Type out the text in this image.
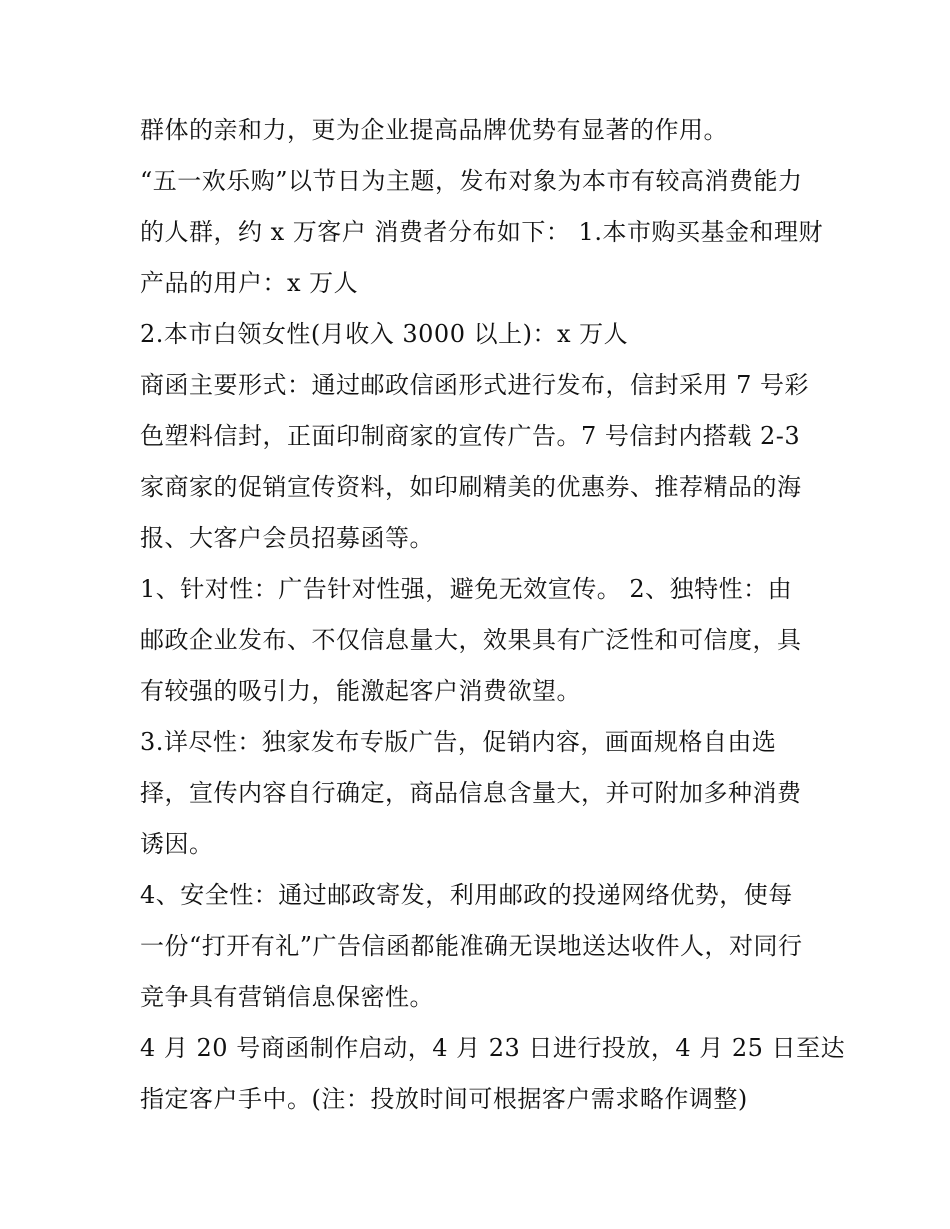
群体的亲和力，更为企业提高品牌优势有显著的作用。
“五一欢乐购”以节日为主题，发布对象为本市有较高消费能力
的人群，约 x 万客户 消费者分布如下： 1.本市购买基金和理财
产品的用户：x 万人
2.本市白领女性(月收入 3000 以上)：x 万人
商函主要形式：通过邮政信函形式进行发布，信封采用 7 号彩
色塑料信封，正面印制商家的宣传广告。7 号信封内搭载 2-3
家商家的促销宣传资料，如印刷精美的优惠券、推荐精品的海
报、大客户会员招募函等。
1、针对性：广告针对性强，避免无效宣传。 2、独特性：由
邮政企业发布、不仅信息量大，效果具有广泛性和可信度，具
有较强的吸引力，能激起客户消费欲望。
3.详尽性：独家发布专版广告，促销内容，画面规格自由选
择，宣传内容自行确定，商品信息含量大，并可附加多种消费
诱因。
4、安全性：通过邮政寄发，利用邮政的投递网络优势，使每
一份“打开有礼”广告信函都能准确无误地送达收件人，对同行
竞争具有营销信息保密性。
4 月 20 号商函制作启动，4 月 23 日进行投放，4 月 25 日至达
指定客户手中。(注：投放时间可根据客户需求略作调整)
